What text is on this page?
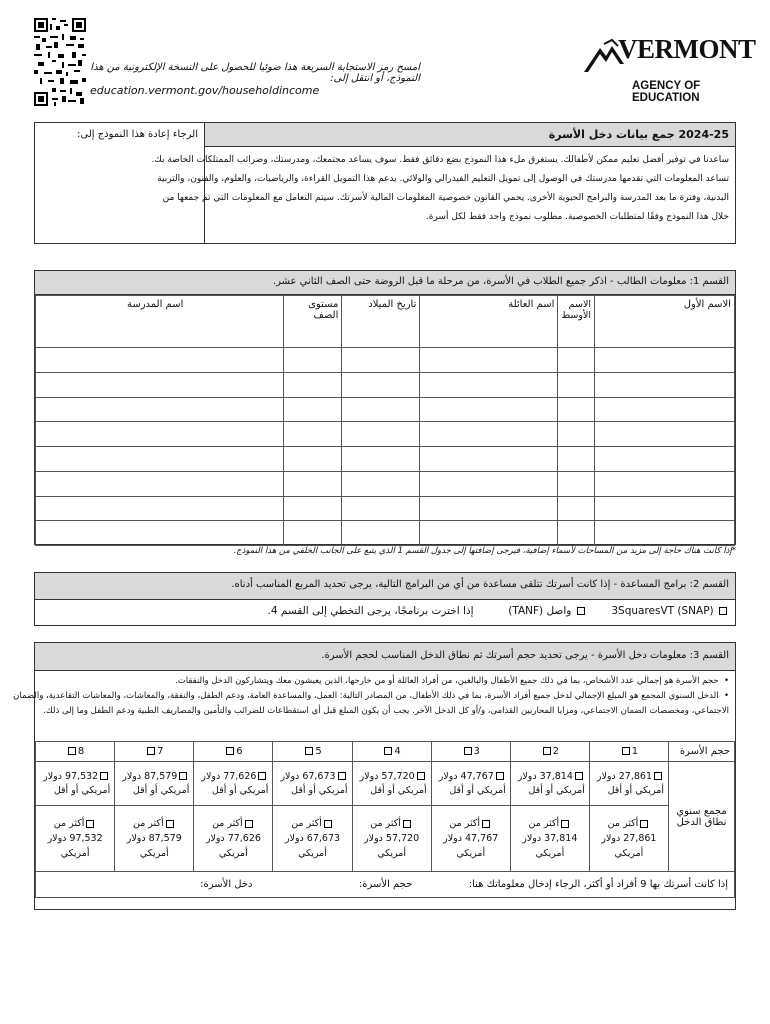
امسح رمز الاستجابة السريعة هذا ضوئيا للحصول على النسخة الإلكترونية من هذا النموذج، أو انتقل إلى:
education.vermont.gov/householdincome
VERMONT
AGENCY OF EDUCATION
الرجاء إعادة هذا النموذج إلى:	2024-25 جمع بيانات دخل الأسرة
ساعدنا في توفير أفضل تعليم ممكن لأطفالك. يستغرق ملء هذا النموذج بضع دقائق فقط. سوف يساعد مجتمعك، ومدرستك، وضرائب الممتلكات الخاصة بك.
تساعد المعلومات التي تقدمها مدرستك في الوصول إلى تمويل التعليم الفيدرالي والولائي. يدعم هذا التمويل القراءة، والرياضيات، والعلوم، والفنون، والتربية
البدنية، وفترة ما بعد المدرسة والبرامج الحيوية الأخرى. يحمي القانون خصوصية المعلومات المالية لأسرتك. سيتم التعامل مع المعلومات التي تم جمعها من
خلال هذا النموذج وفقًا لمتطلبات الخصوصية. مطلوب نموذج واحد فقط لكل أسرة.
القسم 1: معلومات الطالب - اذكر جميع الطلاب في الأسرة، من مرحلة ما قبل الروضة حتى الصف الثاني عشر.
الاسم الأول	الاسم الأوسط	اسم العائلة	تاريخ الميلاد	مستوى الصف	اسم المدرسة

*إذا كانت هناك حاجة إلى مزيد من المساحات لأسماء إضافية، فيرجى إضافتها إلى جدول القسم 1 الذي يتبع على الجانب الخلفي من هذا النموذج.
القسم 2: برامج المساعدة - إذا كانت أسرتك تتلقى مساعدة من أي من البرامج التالية، يرجى تحديد المربع المناسب أدناه.
3SquaresVT (SNAP)   واصل (TANF)  إذا اخترت برنامجًا، يرجى التخطي إلى القسم 4.
القسم 3: معلومات دخل الأسرة - يرجى تحديد حجم أسرتك ثم نطاق الدخل المناسب لحجم الأسرة.
•  حجم الأسرة هو إجمالي عدد الأشخاص، بما في ذلك جميع الأطفال والبالغين، من أفراد العائلة أو من خارجها، الذين يعيشون معك ويتشاركون الدخل والنفقات.
•  الدخل السنوي المجمع هو المبلغ الإجمالي لدخل جميع أفراد الأسرة، بما في ذلك الأطفال، من المصادر التالية: العمل، والمساعدة العامة، ودعم الطفل، والنفقة، والمعاشات، والمعاشات التقاعدية، والضمان
الاجتماعي، ومخصصات الضمان الاجتماعي، ومزايا المحاربين القدامى، و/أو كل الدخل الآخر. يجب أن يكون المبلغ قبل أي استقطاعات للضرائب والتأمين والمصاريف الطبية ودعم الطفل وما إلى ذلك.
حجم الأسرة	1	2	3	4	5	6	7	8
مجمع سنوي نطاق الدخل	27,861 دولار أمريكي أو أقل	37,814 دولار أمريكي أو أقل	47,767 دولار أمريكي أو أقل	57,720 دولار أمريكي أو أقل	67,673 دولار أمريكي أو أقل	77,626 دولار أمريكي أو أقل	87,579 دولار أمريكي أو أقل	97,532 دولار أمريكي أو أقل
	أكثر من 27,861 دولار أمريكي	أكثر من 37,814 دولار أمريكي	أكثر من 47,767 دولار أمريكي	أكثر من 57,720 دولار أمريكي	أكثر من 67,673 دولار أمريكي	أكثر من 77,626 دولار أمريكي	أكثر من 87,579 دولار أمريكي	أكثر من 97,532 دولار أمريكي
إذا كانت أسرتك بها 9 أفراد أو أكثر، الرجاء إدخال معلوماتك هنا:  حجم الأسرة:  دخل الأسرة:								
